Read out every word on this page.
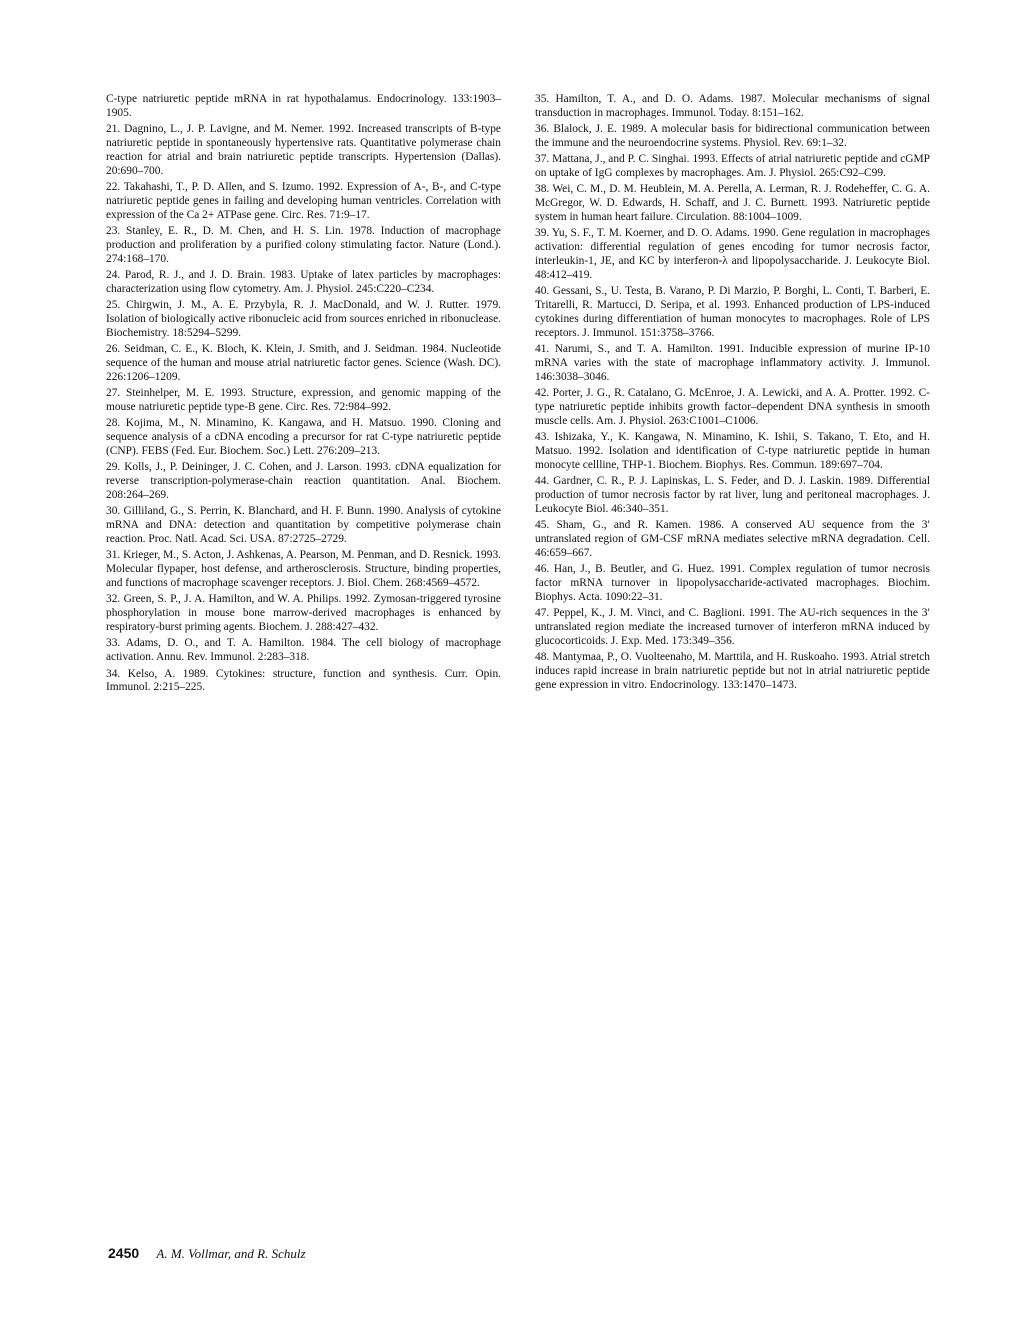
C-type natriuretic peptide mRNA in rat hypothalamus. Endocrinology. 133:1903–1905.

21. Dagnino, L., J. P. Lavigne, and M. Nemer. 1992. Increased transcripts of B-type natriuretic peptide in spontaneously hypertensive rats. Quantitative polymerase chain reaction for atrial and brain natriuretic peptide transcripts. Hypertension (Dallas). 20:690–700.

22. Takahashi, T., P. D. Allen, and S. Izumo. 1992. Expression of A-, B-, and C-type natriuretic peptide genes in failing and developing human ventricles. Correlation with expression of the Ca 2+ ATPase gene. Circ. Res. 71:9–17.

23. Stanley, E. R., D. M. Chen, and H. S. Lin. 1978. Induction of macrophage production and proliferation by a purified colony stimulating factor. Nature (Lond.). 274:168–170.

24. Parod, R. J., and J. D. Brain. 1983. Uptake of latex particles by macrophages: characterization using flow cytometry. Am. J. Physiol. 245:C220–C234.

25. Chirgwin, J. M., A. E. Przybyla, R. J. MacDonald, and W. J. Rutter. 1979. Isolation of biologically active ribonucleic acid from sources enriched in ribonuclease. Biochemistry. 18:5294–5299.

26. Seidman, C. E., K. Bloch, K. Klein, J. Smith, and J. Seidman. 1984. Nucleotide sequence of the human and mouse atrial natriuretic factor genes. Science (Wash. DC). 226:1206–1209.

27. Steinhelper, M. E. 1993. Structure, expression, and genomic mapping of the mouse natriuretic peptide type-B gene. Circ. Res. 72:984–992.

28. Kojima, M., N. Minamino, K. Kangawa, and H. Matsuo. 1990. Cloning and sequence analysis of a cDNA encoding a precursor for rat C-type natriuretic peptide (CNP). FEBS (Fed. Eur. Biochem. Soc.) Lett. 276:209–213.

29. Kolls, J., P. Deininger, J. C. Cohen, and J. Larson. 1993. cDNA equalization for reverse transcription-polymerase-chain reaction quantitation. Anal. Biochem. 208:264–269.

30. Gilliland, G., S. Perrin, K. Blanchard, and H. F. Bunn. 1990. Analysis of cytokine mRNA and DNA: detection and quantitation by competitive polymerase chain reaction. Proc. Natl. Acad. Sci. USA. 87:2725–2729.

31. Krieger, M., S. Acton, J. Ashkenas, A. Pearson, M. Penman, and D. Resnick. 1993. Molecular flypaper, host defense, and artherosclerosis. Structure, binding properties, and functions of macrophage scavenger receptors. J. Biol. Chem. 268:4569–4572.

32. Green, S. P., J. A. Hamilton, and W. A. Philips. 1992. Zymosan-triggered tyrosine phosphorylation in mouse bone marrow-derived macrophages is enhanced by respiratory-burst priming agents. Biochem. J. 288:427–432.

33. Adams, D. O., and T. A. Hamilton. 1984. The cell biology of macrophage activation. Annu. Rev. Immunol. 2:283–318.

34. Kelso, A. 1989. Cytokines: structure, function and synthesis. Curr. Opin. Immunol. 2:215–225.

35. Hamilton, T. A., and D. O. Adams. 1987. Molecular mechanisms of signal transduction in macrophages. Immunol. Today. 8:151–162.

36. Blalock, J. E. 1989. A molecular basis for bidirectional communication between the immune and the neuroendocrine systems. Physiol. Rev. 69:1–32.

37. Mattana, J., and P. C. Singhai. 1993. Effects of atrial natriuretic peptide and cGMP on uptake of IgG complexes by macrophages. Am. J. Physiol. 265:C92–C99.

38. Wei, C. M., D. M. Heublein, M. A. Perella, A. Lerman, R. J. Rodeheffer, C. G. A. McGregor, W. D. Edwards, H. Schaff, and J. C. Burnett. 1993. Natriuretic peptide system in human heart failure. Circulation. 88:1004–1009.

39. Yu, S. F., T. M. Koerner, and D. O. Adams. 1990. Gene regulation in macrophages activation: differential regulation of genes encoding for tumor necrosis factor, interleukin-1, JE, and KC by interferon-λ and lipopolysaccharide. J. Leukocyte Biol. 48:412–419.

40. Gessani, S., U. Testa, B. Varano, P. Di Marzio, P. Borghi, L. Conti, T. Barberi, E. Tritarelli, R. Martucci, D. Seripa, et al. 1993. Enhanced production of LPS-induced cytokines during differentiation of human monocytes to macrophages. Role of LPS receptors. J. Immunol. 151:3758–3766.

41. Narumi, S., and T. A. Hamilton. 1991. Inducible expression of murine IP-10 mRNA varies with the state of macrophage inflammatory activity. J. Immunol. 146:3038–3046.

42. Porter, J. G., R. Catalano, G. McEnroe, J. A. Lewicki, and A. A. Protter. 1992. C-type natriuretic peptide inhibits growth factor–dependent DNA synthesis in smooth muscle cells. Am. J. Physiol. 263:C1001–C1006.

43. Ishizaka, Y., K. Kangawa, N. Minamino, K. Ishii, S. Takano, T. Eto, and H. Matsuo. 1992. Isolation and identification of C-type natriuretic peptide in human monocyte cellline, THP-1. Biochem. Biophys. Res. Commun. 189:697–704.

44. Gardner, C. R., P. J. Lapinskas, L. S. Feder, and D. J. Laskin. 1989. Differential production of tumor necrosis factor by rat liver, lung and peritoneal macrophages. J. Leukocyte Biol. 46:340–351.

45. Sham, G., and R. Kamen. 1986. A conserved AU sequence from the 3′ untranslated region of GM-CSF mRNA mediates selective mRNA degradation. Cell. 46:659–667.

46. Han, J., B. Beutler, and G. Huez. 1991. Complex regulation of tumor necrosis factor mRNA turnover in lipopolysaccharide-activated macrophages. Biochim. Biophys. Acta. 1090:22–31.

47. Peppel, K., J. M. Vinci, and C. Baglioni. 1991. The AU-rich sequences in the 3′ untranslated region mediate the increased turnover of interferon mRNA induced by glucocorticoids. J. Exp. Med. 173:349–356.

48. Mantymaa, P., O. Vuolteenaho, M. Marttila, and H. Ruskoaho. 1993. Atrial stretch induces rapid increase in brain natriuretic peptide but not in atrial natriuretic peptide gene expression in vitro. Endocrinology. 133:1470–1473.

2450 A. M. Vollmar, and R. Schulz
